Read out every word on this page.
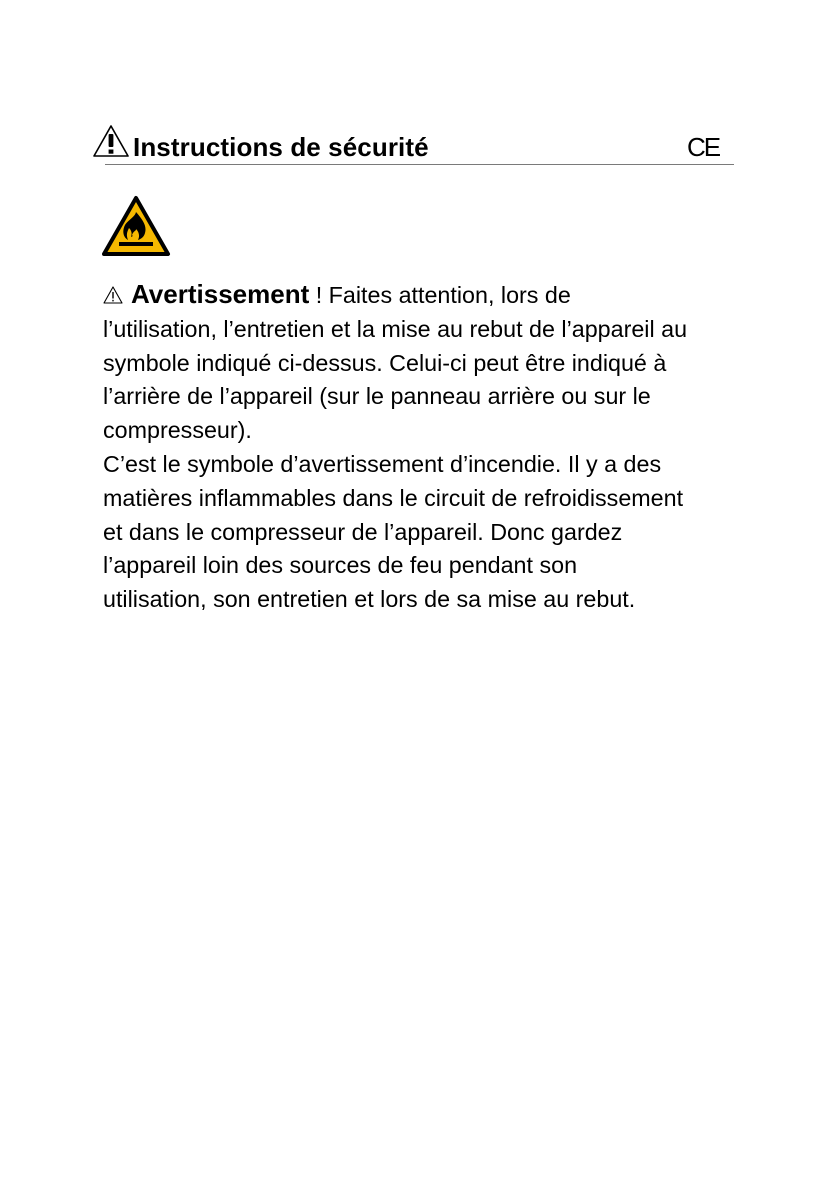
Instructions de sécurité	CE
Avertissement ! Faites attention, lors de
l’utilisation, l’entretien et la mise au rebut de l’appareil au
symbole indiqué ci-dessus. Celui-ci peut être indiqué à
l’arrière de l’appareil (sur le panneau arrière ou sur le
compresseur).
C’est le symbole d’avertissement d’incendie. Il y a des
matières inflammables dans le circuit de refroidissement
et dans le compresseur de l’appareil. Donc gardez
l’appareil loin des sources de feu pendant son
utilisation, son entretien et lors de sa mise au rebut.
